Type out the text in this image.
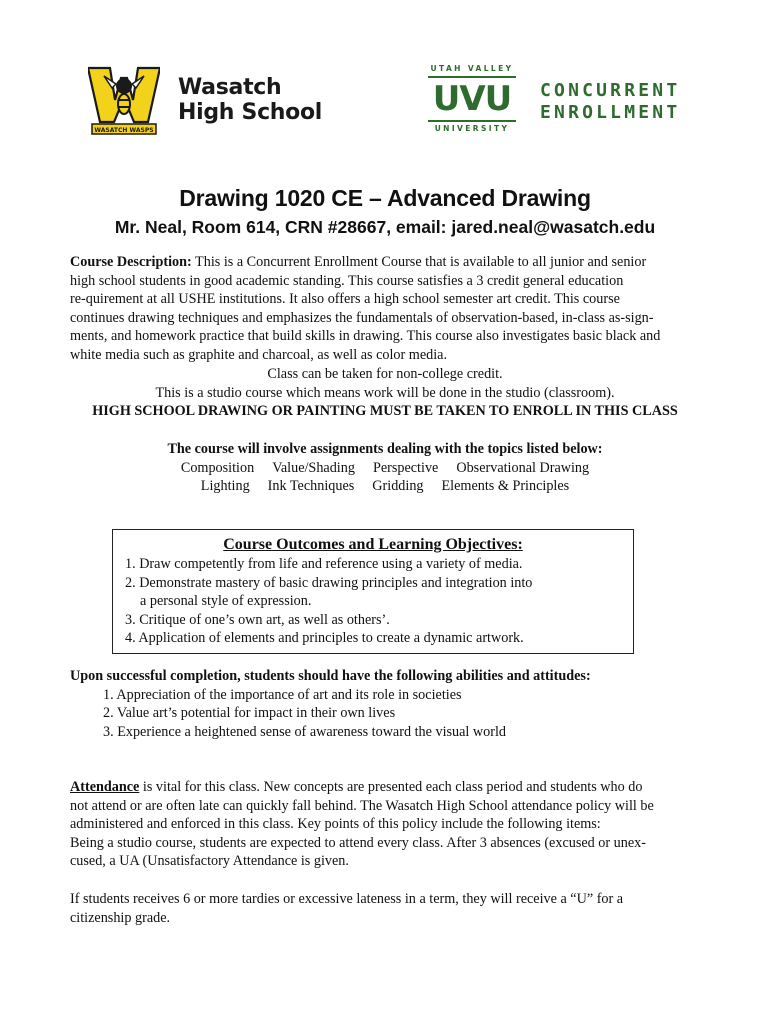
WASATCH WASPS
Wasatch
High School
UTAH VALLEY
UVU
UNIVERSITY
CONCURRENT
ENROLLMENT
Drawing 1020 CE – Advanced Drawing
Mr. Neal, Room 614, CRN #28667, email: jared.neal@wasatch.edu
Course Description: This is a Concurrent Enrollment Course that is available to all junior and senior
high school students in good academic standing. This course satisfies a 3 credit general education
re-quirement at all USHE institutions. It also offers a high school semester art credit. This course
continues drawing techniques and emphasizes the fundamentals of observation-based, in-class as-sign-
ments, and homework practice that build skills in drawing. This course also investigates basic black and
white media such as graphite and charcoal, as well as color media.
Class can be taken for non-college credit.
This is a studio course which means work will be done in the studio (classroom).
HIGH SCHOOL DRAWING OR PAINTING MUST BE TAKEN TO ENROLL IN THIS CLASS
The course will involve assignments dealing with the topics listed below:
Composition Value/Shading Perspective Observational Drawing
Lighting Ink Techniques Gridding Elements & Principles
Course Outcomes and Learning Objectives:
1. Draw competently from life and reference using a variety of media.
2. Demonstrate mastery of basic drawing principles and integration into
a personal style of expression.
3. Critique of one’s own art, as well as others’.
4. Application of elements and principles to create a dynamic artwork.
Upon successful completion, students should have the following abilities and attitudes:
1. Appreciation of the importance of art and its role in societies
2. Value art’s potential for impact in their own lives
3. Experience a heightened sense of awareness toward the visual world
Attendance is vital for this class. New concepts are presented each class period and students who do
not attend or are often late can quickly fall behind. The Wasatch High School attendance policy will be
administered and enforced in this class. Key points of this policy include the following items:
Being a studio course, students are expected to attend every class. After 3 absences (excused or unex-
cused, a UA (Unsatisfactory Attendance is given.
If students receives 6 or more tardies or excessive lateness in a term, they will receive a “U” for a
citizenship grade.
